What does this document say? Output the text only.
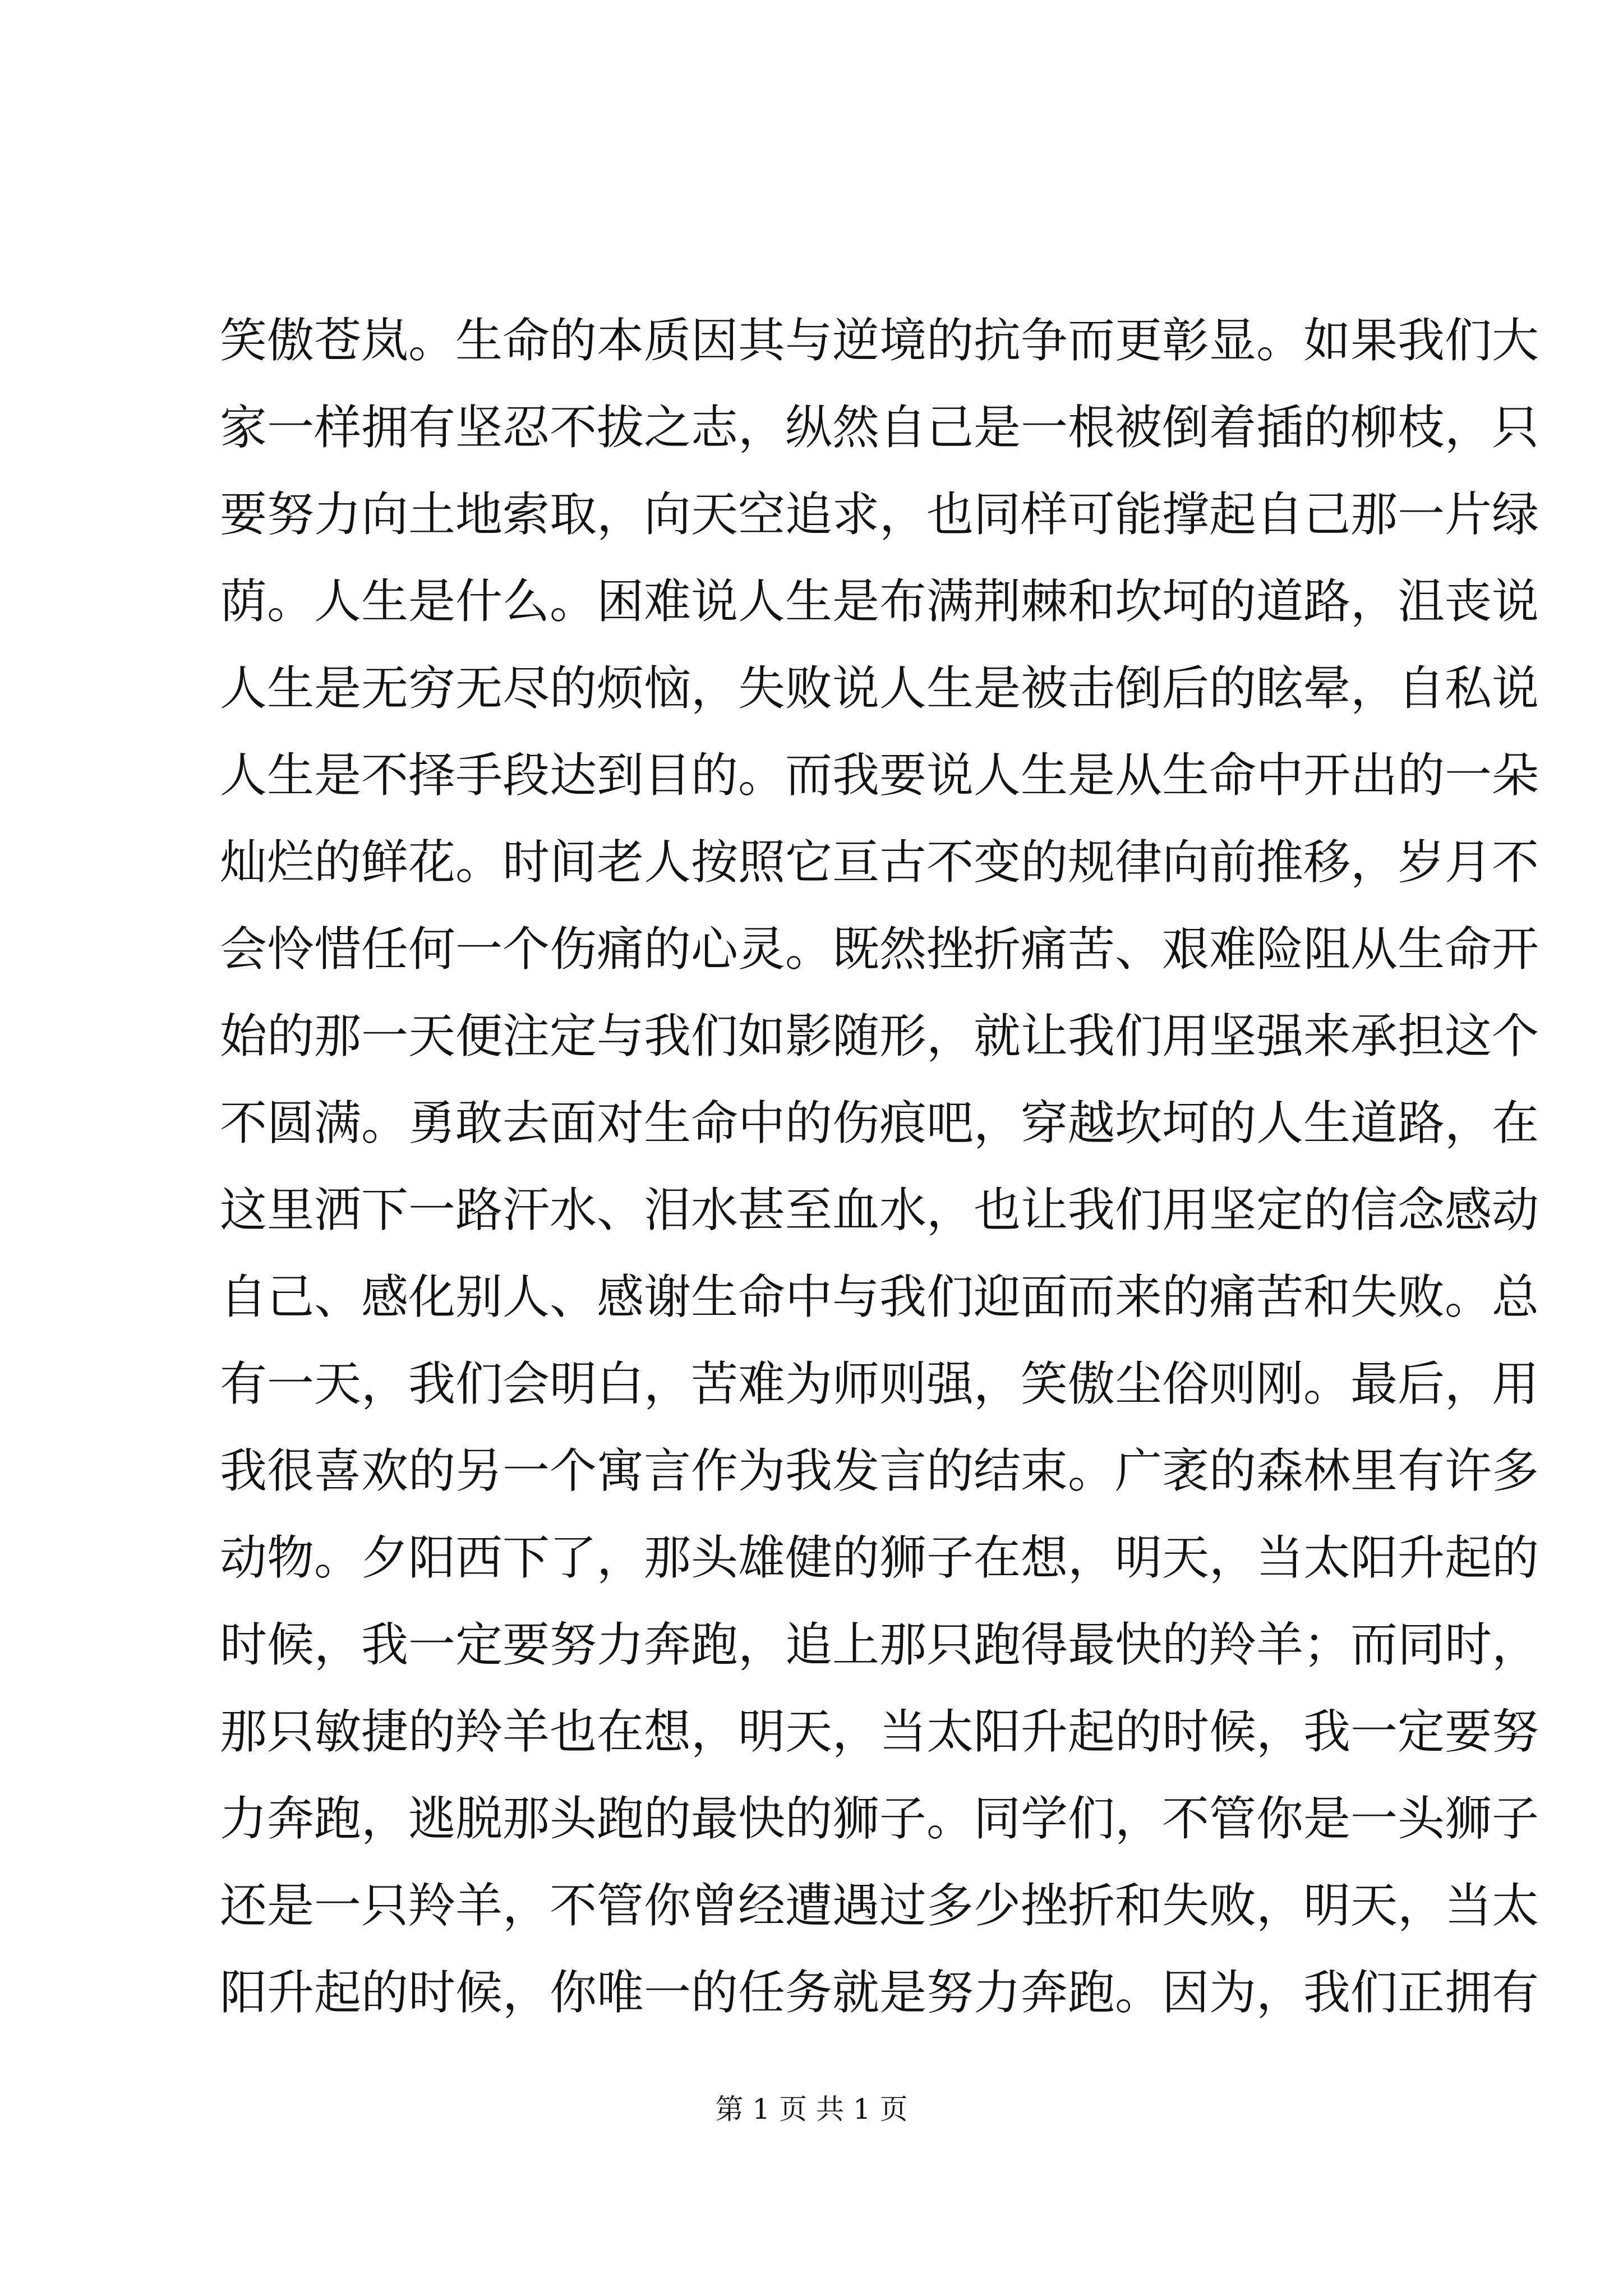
笑傲苍岚。生命的本质因其与逆境的抗争而更彰显。如果我们大
家一样拥有坚忍不拔之志，纵然自己是一根被倒着插的柳枝，只
要努力向土地索取，向天空追求，也同样可能撑起自己那一片绿
荫。人生是什么。困难说人生是布满荆棘和坎坷的道路，沮丧说
人生是无穷无尽的烦恼，失败说人生是被击倒后的眩晕，自私说
人生是不择手段达到目的。而我要说人生是从生命中开出的一朵
灿烂的鲜花。时间老人按照它亘古不变的规律向前推移，岁月不
会怜惜任何一个伤痛的心灵。既然挫折痛苦、艰难险阻从生命开
始的那一天便注定与我们如影随形，就让我们用坚强来承担这个
不圆满。勇敢去面对生命中的伤痕吧，穿越坎坷的人生道路，在
这里洒下一路汗水、泪水甚至血水，也让我们用坚定的信念感动
自己、感化别人、感谢生命中与我们迎面而来的痛苦和失败。总
有一天，我们会明白，苦难为师则强，笑傲尘俗则刚。最后，用
我很喜欢的另一个寓言作为我发言的结束。广袤的森林里有许多
动物。夕阳西下了，那头雄健的狮子在想，明天，当太阳升起的
时候，我一定要努力奔跑，追上那只跑得最快的羚羊；而同时，
那只敏捷的羚羊也在想，明天，当太阳升起的时候，我一定要努
力奔跑，逃脱那头跑的最快的狮子。同学们，不管你是一头狮子
还是一只羚羊，不管你曾经遭遇过多少挫折和失败，明天，当太
阳升起的时候，你唯一的任务就是努力奔跑。因为，我们正拥有
第 1 页 共 1 页
